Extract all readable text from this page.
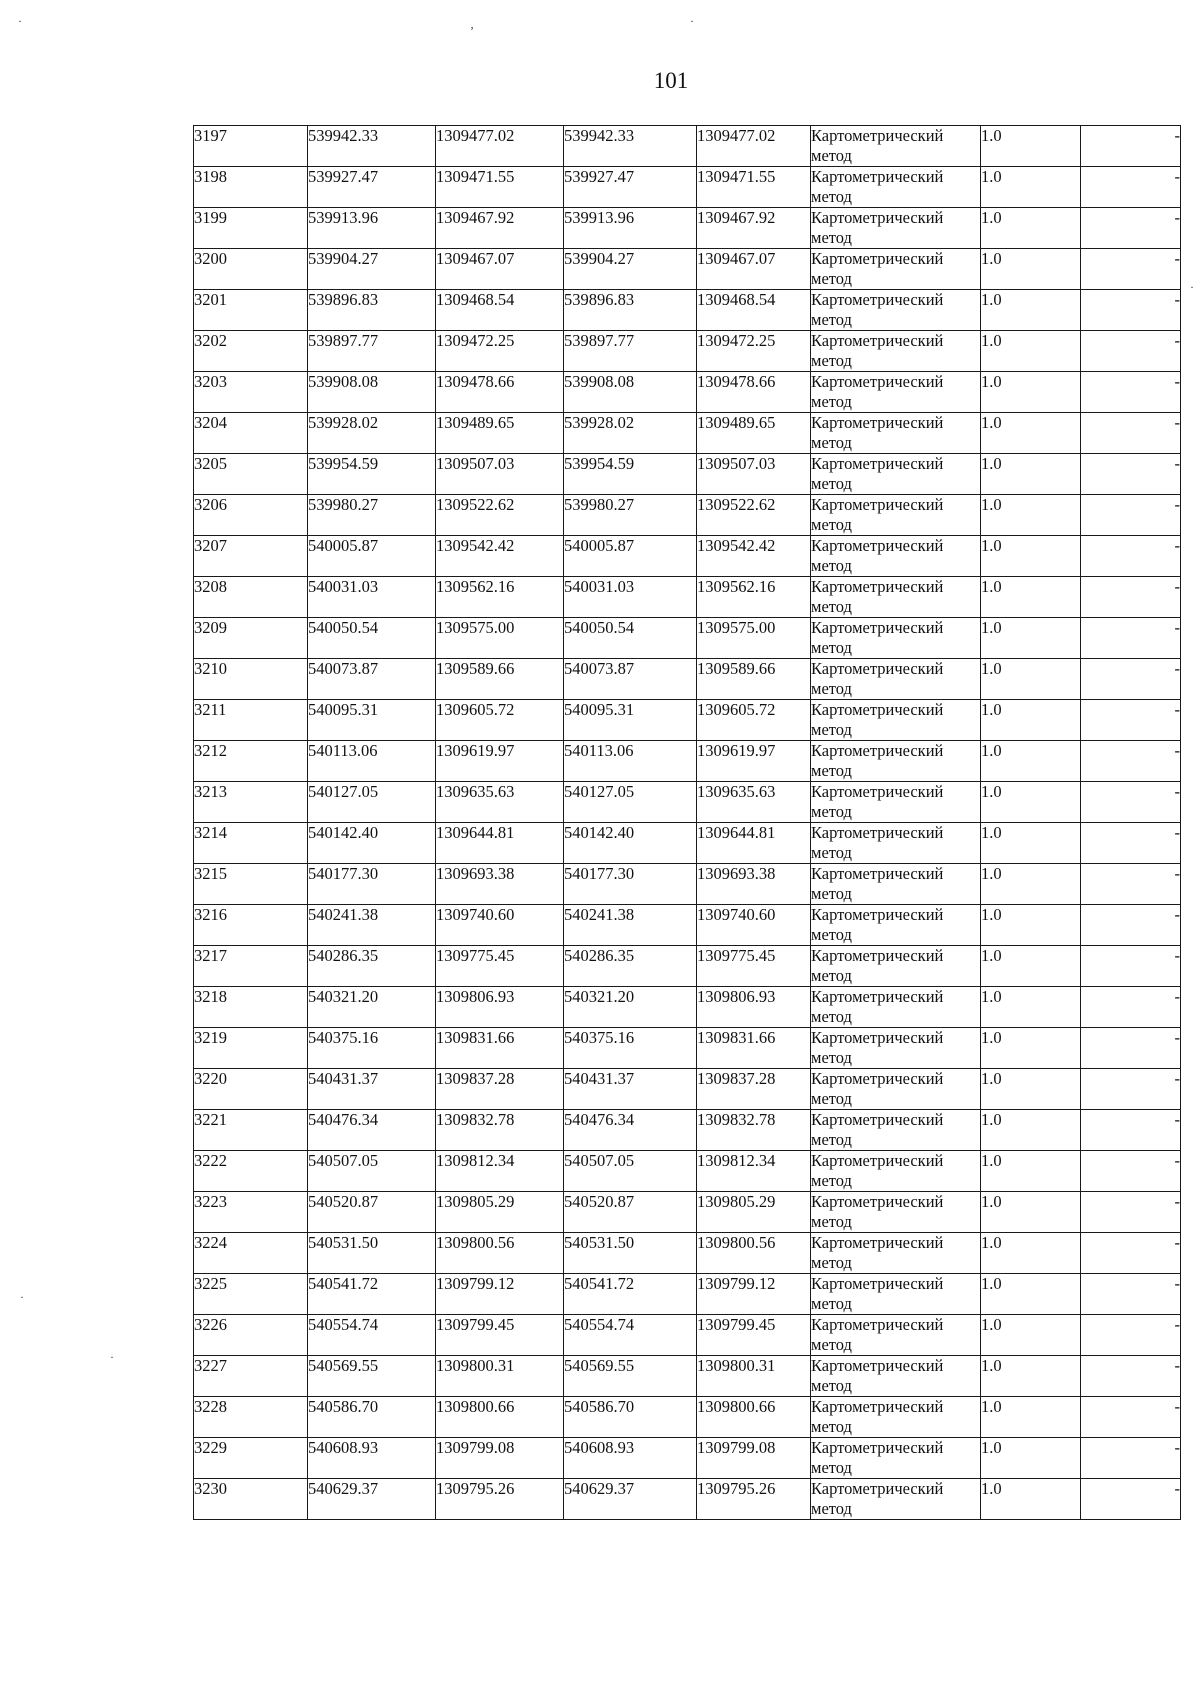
101
·
ʼ
·
·
·
·
3197	539942.33	1309477.02	539942.33	1309477.02	Картометрический метод	1.0	-
3198	539927.47	1309471.55	539927.47	1309471.55	Картометрический метод	1.0	-
3199	539913.96	1309467.92	539913.96	1309467.92	Картометрический метод	1.0	-
3200	539904.27	1309467.07	539904.27	1309467.07	Картометрический метод	1.0	-
3201	539896.83	1309468.54	539896.83	1309468.54	Картометрический метод	1.0	-
3202	539897.77	1309472.25	539897.77	1309472.25	Картометрический метод	1.0	-
3203	539908.08	1309478.66	539908.08	1309478.66	Картометрический метод	1.0	-
3204	539928.02	1309489.65	539928.02	1309489.65	Картометрический метод	1.0	-
3205	539954.59	1309507.03	539954.59	1309507.03	Картометрический метод	1.0	-
3206	539980.27	1309522.62	539980.27	1309522.62	Картометрический метод	1.0	-
3207	540005.87	1309542.42	540005.87	1309542.42	Картометрический метод	1.0	-
3208	540031.03	1309562.16	540031.03	1309562.16	Картометрический метод	1.0	-
3209	540050.54	1309575.00	540050.54	1309575.00	Картометрический метод	1.0	-
3210	540073.87	1309589.66	540073.87	1309589.66	Картометрический метод	1.0	-
3211	540095.31	1309605.72	540095.31	1309605.72	Картометрический метод	1.0	-
3212	540113.06	1309619.97	540113.06	1309619.97	Картометрический метод	1.0	-
3213	540127.05	1309635.63	540127.05	1309635.63	Картометрический метод	1.0	-
3214	540142.40	1309644.81	540142.40	1309644.81	Картометрический метод	1.0	-
3215	540177.30	1309693.38	540177.30	1309693.38	Картометрический метод	1.0	-
3216	540241.38	1309740.60	540241.38	1309740.60	Картометрический метод	1.0	-
3217	540286.35	1309775.45	540286.35	1309775.45	Картометрический метод	1.0	-
3218	540321.20	1309806.93	540321.20	1309806.93	Картометрический метод	1.0	-
3219	540375.16	1309831.66	540375.16	1309831.66	Картометрический метод	1.0	-
3220	540431.37	1309837.28	540431.37	1309837.28	Картометрический метод	1.0	-
3221	540476.34	1309832.78	540476.34	1309832.78	Картометрический метод	1.0	-
3222	540507.05	1309812.34	540507.05	1309812.34	Картометрический метод	1.0	-
3223	540520.87	1309805.29	540520.87	1309805.29	Картометрический метод	1.0	-
3224	540531.50	1309800.56	540531.50	1309800.56	Картометрический метод	1.0	-
3225	540541.72	1309799.12	540541.72	1309799.12	Картометрический метод	1.0	-
3226	540554.74	1309799.45	540554.74	1309799.45	Картометрический метод	1.0	-
3227	540569.55	1309800.31	540569.55	1309800.31	Картометрический метод	1.0	-
3228	540586.70	1309800.66	540586.70	1309800.66	Картометрический метод	1.0	-
3229	540608.93	1309799.08	540608.93	1309799.08	Картометрический метод	1.0	-
3230	540629.37	1309795.26	540629.37	1309795.26	Картометрический метод	1.0	-
